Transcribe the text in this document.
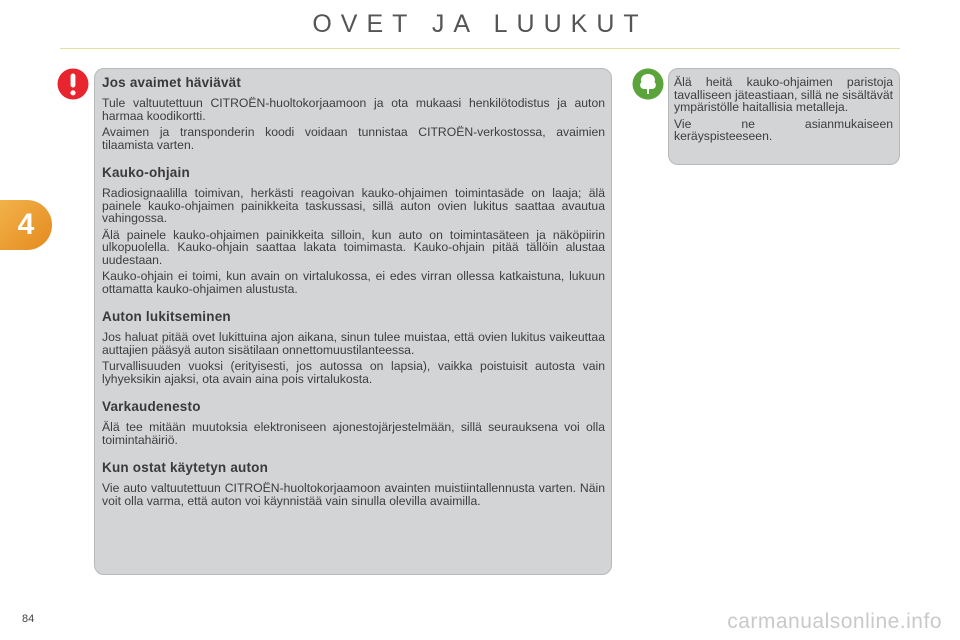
OVET JA LUUKUT
4
Jos avaimet häviävät

Tule valtuutettuun CITROËN-huoltokorjaamoon ja ota mukaasi henkilötodistus ja auton harmaa koodikortti.

Avaimen ja transponderin koodi voidaan tunnistaa CITROËN-verkostossa, avaimien tilaamista varten.

Kauko-ohjain

Radiosignaalilla toimivan, herkästi reagoivan kauko-ohjaimen toimintasäde on laaja; älä painele kauko-ohjaimen painikkeita taskussasi, sillä auton ovien lukitus saattaa avautua vahingossa.

Älä painele kauko-ohjaimen painikkeita silloin, kun auto on toimintasäteen ja näköpiirin ulkopuolella. Kauko-ohjain saattaa lakata toimimasta. Kauko-ohjain pitää tällöin alustaa uudestaan.

Kauko-ohjain ei toimi, kun avain on virtalukossa, ei edes virran ollessa katkaistuna, lukuun ottamatta kauko-ohjaimen alustusta.

Auton lukitseminen

Jos haluat pitää ovet lukittuina ajon aikana, sinun tulee muistaa, että ovien lukitus vaikeuttaa auttajien pääsyä auton sisätilaan onnettomuustilanteessa.

Turvallisuuden vuoksi (erityisesti, jos autossa on lapsia), vaikka poistuisit autosta vain lyhyeksikin ajaksi, ota avain aina pois virtalukosta.

Varkaudenesto

Älä tee mitään muutoksia elektroniseen ajonestojärjestelmään, sillä seurauksena voi olla toimintahäiriö.

Kun ostat käytetyn auton

Vie auto valtuutettuun CITROËN-huoltokorjaamoon avainten muistiintallennusta varten. Näin voit olla varma, että auton voi käynnistää vain sinulla olevilla avaimilla.

Älä heitä kauko-ohjaimen paristoja tavalliseen jäteastiaan, sillä ne sisältävät ympäristölle haitallisia metalleja.

Vie ne asianmukaiseen keräyspisteeseen.

84	carmanualsonline.info
